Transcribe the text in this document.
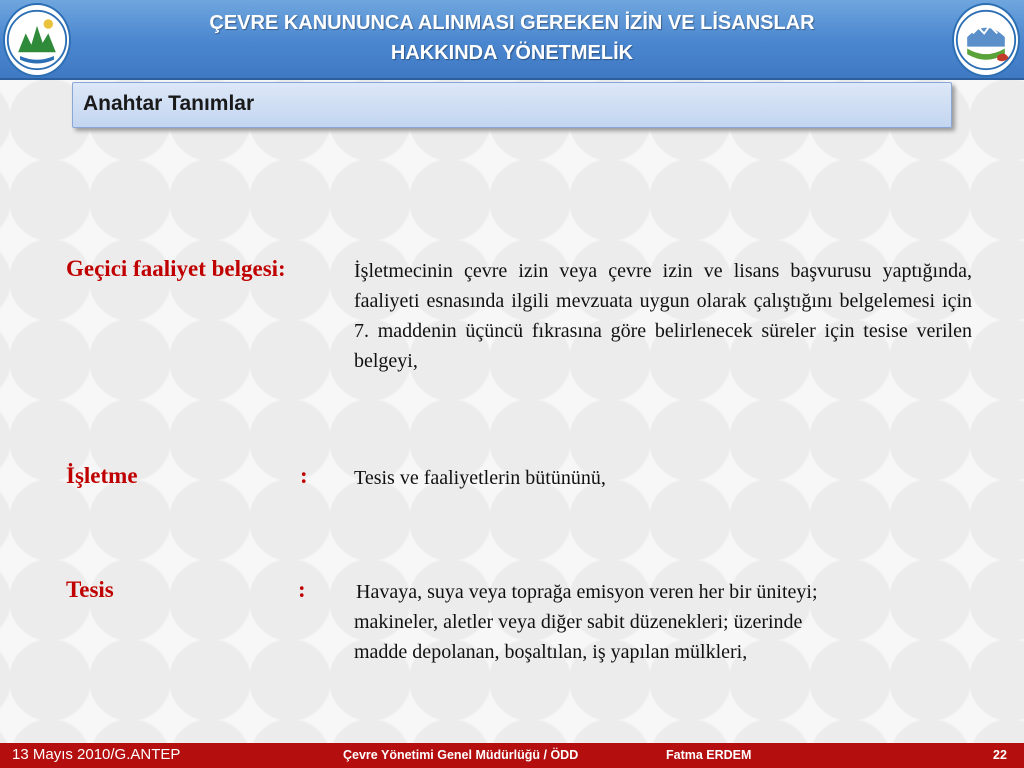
ÇEVRE KANUNUNCA ALINMASI GEREKEN İZİN VE LİSANSLAR
HAKKINDA YÖNETMELİK
Anahtar Tanımlar
Geçici faaliyet belgesi:	İşletmecinin çevre izin veya çevre izin ve lisans başvurusu yaptığında, faaliyeti esnasında ilgili mevzuata uygun olarak çalıştığını belgelemesi için 7. maddenin üçüncü fıkrasına göre belirlenecek süreler için tesise verilen belgeyi,
İşletme	: Tesis ve faaliyetlerin bütününü,
Tesis	:	Havaya, suya veya toprağa emisyon veren her bir üniteyi;
makineler, aletler veya diğer sabit düzenekleri; üzerinde
madde depolanan, boşaltılan, iş yapılan mülkleri,
13 Mayıs 2010/G.ANTEP	Çevre Yönetimi Genel Müdürlüğü / ÖDD	Fatma ERDEM	22
